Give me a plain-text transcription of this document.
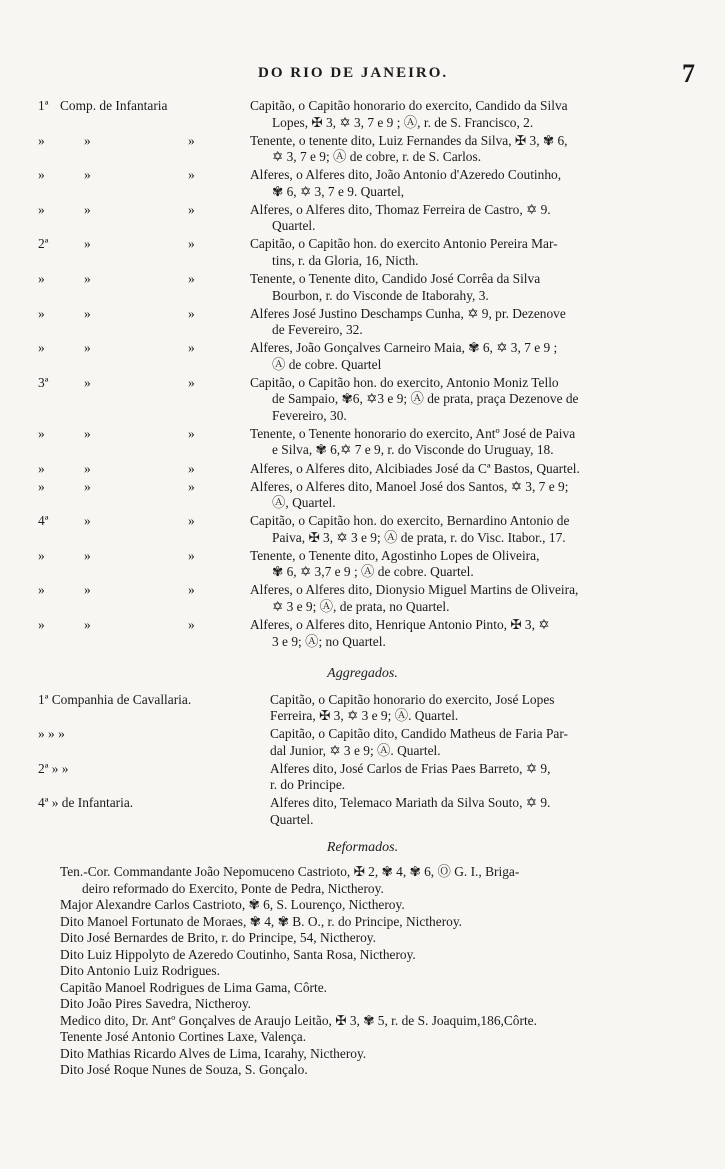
DO RIO DE JANEIRO.	7
1ª Comp. de Infantaria	Capitão, o Capitão honorario do exercito, Candido da Silva
Lopes, ✠ 3, ✡ 3, 7 e 9 ; Ⓐ, r. de S. Francisco, 2.
»	»	»	Tenente, o tenente dito, Luiz Fernandes da Silva, ✠ 3, ✾ 6,
✡ 3, 7 e 9; Ⓐ de cobre, r. de S. Carlos.
»	»	»	Alferes, o Alferes dito, João Antonio d'Azeredo Coutinho,
✾ 6, ✡ 3, 7 e 9. Quartel,
»	»	»	Alferes, o Alferes dito, Thomaz Ferreira de Castro, ✡ 9.
Quartel.
2ª	»	»	Capitão, o Capitão hon. do exercito Antonio Pereira Mar-
tins, r. da Gloria, 16, Nicth.
»	»	»	Tenente, o Tenente dito, Candido José Corrêa da Silva
Bourbon, r. do Visconde de Itaborahy, 3.
»	»	»	Alferes José Justino Deschamps Cunha, ✡ 9, pr. Dezenove
de Fevereiro, 32.
»	»	»	Alferes, João Gonçalves Carneiro Maia, ✾ 6, ✡ 3, 7 e 9 ;
Ⓐ de cobre. Quartel
3ª	»	»	Capitão, o Capitão hon. do exercito, Antonio Moniz Tello
de Sampaio, ✾6, ✡3 e 9; Ⓐ de prata, praça Dezenove de
Fevereiro, 30.
»	»	»	Tenente, o Tenente honorario do exercito, Antº José de Paiva
e Silva, ✾ 6,✡ 7 e 9, r. do Visconde do Uruguay, 18.
»	»	»	Alferes, o Alferes dito, Alcibiades José da Cª Bastos, Quartel.
»	»	»	Alferes, o Alferes dito, Manoel José dos Santos, ✡ 3, 7 e 9;
Ⓐ, Quartel.
4ª	»	»	Capitão, o Capitão hon. do exercito, Bernardino Antonio de
Paiva, ✠ 3, ✡ 3 e 9; Ⓐ de prata, r. do Visc. Itabor., 17.
»	»	»	Tenente, o Tenente dito, Agostinho Lopes de Oliveira,
✾ 6, ✡ 3,7 e 9 ; Ⓐ de cobre. Quartel.
»	»	»	Alferes, o Alferes dito, Dionysio Miguel Martins de Oliveira,
✡ 3 e 9; Ⓐ, de prata, no Quartel.
»	»	»	Alferes, o Alferes dito, Henrique Antonio Pinto, ✠ 3, ✡
3 e 9; Ⓐ; no Quartel.
Aggregados.
1ª Companhia de Cavallaria.	Capitão, o Capitão honorario do exercito, José Lopes
Ferreira, ✠ 3, ✡ 3 e 9; Ⓐ. Quartel.
» » »	Capitão, o Capitão dito, Candido Matheus de Faria Par-
dal Junior, ✡ 3 e 9; Ⓐ. Quartel.
2ª » »	Alferes dito, José Carlos de Frias Paes Barreto, ✡ 9,
r. do Principe.
4ª » de Infantaria.	Alferes dito, Telemaco Mariath da Silva Souto, ✡ 9.
Quartel.
Reformados.
Ten.-Cor. Commandante João Nepomuceno Castrioto, ✠ 2, ✾ 4, ✾ 6, Ⓞ G. I., Briga-
deiro reformado do Exercito, Ponte de Pedra, Nictheroy.
Major Alexandre Carlos Castrioto, ✾ 6, S. Lourenço, Nictheroy.
Dito Manoel Fortunato de Moraes, ✾ 4, ✾ B. O., r. do Principe, Nictheroy.
Dito José Bernardes de Brito, r. do Principe, 54, Nictheroy.
Dito Luiz Hippolyto de Azeredo Coutinho, Santa Rosa, Nictheroy.
Dito Antonio Luiz Rodrigues.
Capitão Manoel Rodrigues de Lima Gama, Côrte.
Dito João Pires Savedra, Nictheroy.
Medico dito, Dr. Antº Gonçalves de Araujo Leitão, ✠ 3, ✾ 5, r. de S. Joaquim,186,Côrte.
Tenente José Antonio Cortines Laxe, Valença.
Dito Mathias Ricardo Alves de Lima, Icarahy, Nictheroy.
Dito José Roque Nunes de Souza, S. Gonçalo.
